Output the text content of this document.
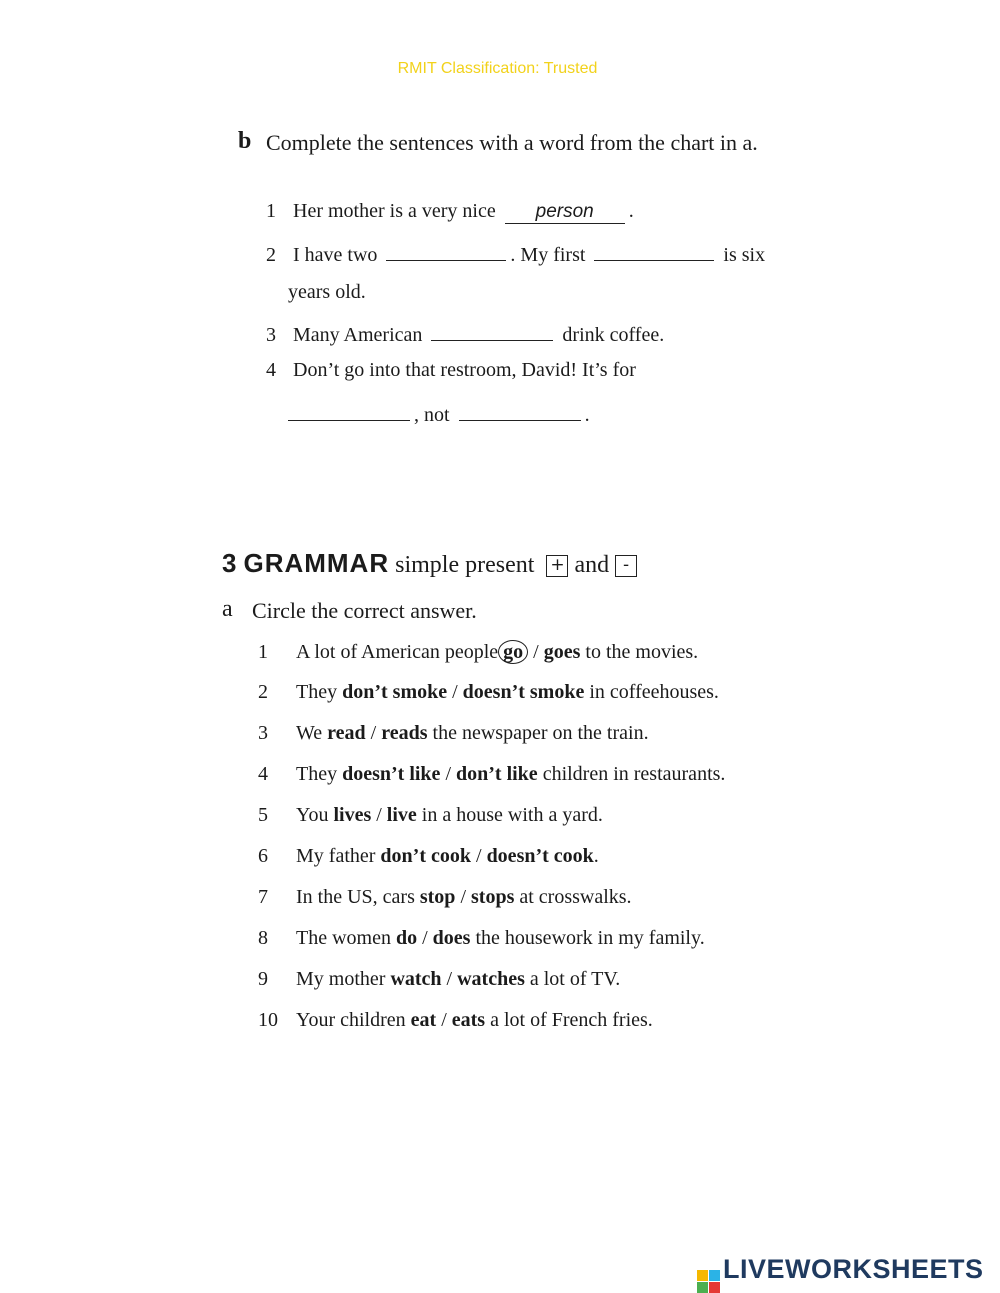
RMIT Classification: Trusted
b Complete the sentences with a word from the chart in a.
1 Her mother is a very nice person .
2 I have two	. My first	is six
years old.
3 Many American	drink coffee.
4 Don’t go into that restroom, David! It’s for
, not	.
3 GRAMMAR simple present + and -
a Circle the correct answer.
1 A lot of American people go / goes to the movies.
2 They don’t smoke / doesn’t smoke in coffeehouses.
3 We read / reads the newspaper on the train.
4 They doesn’t like / don’t like children in restaurants.
5 You lives / live in a house with a yard.
6 My father don’t cook / doesn’t cook.
7 In the US, cars stop / stops at crosswalks.
8 The women do / does the housework in my family.
9 My mother watch / watches a lot of TV.
10 Your children eat / eats a lot of French fries.
LIVEWORKSHEETS
